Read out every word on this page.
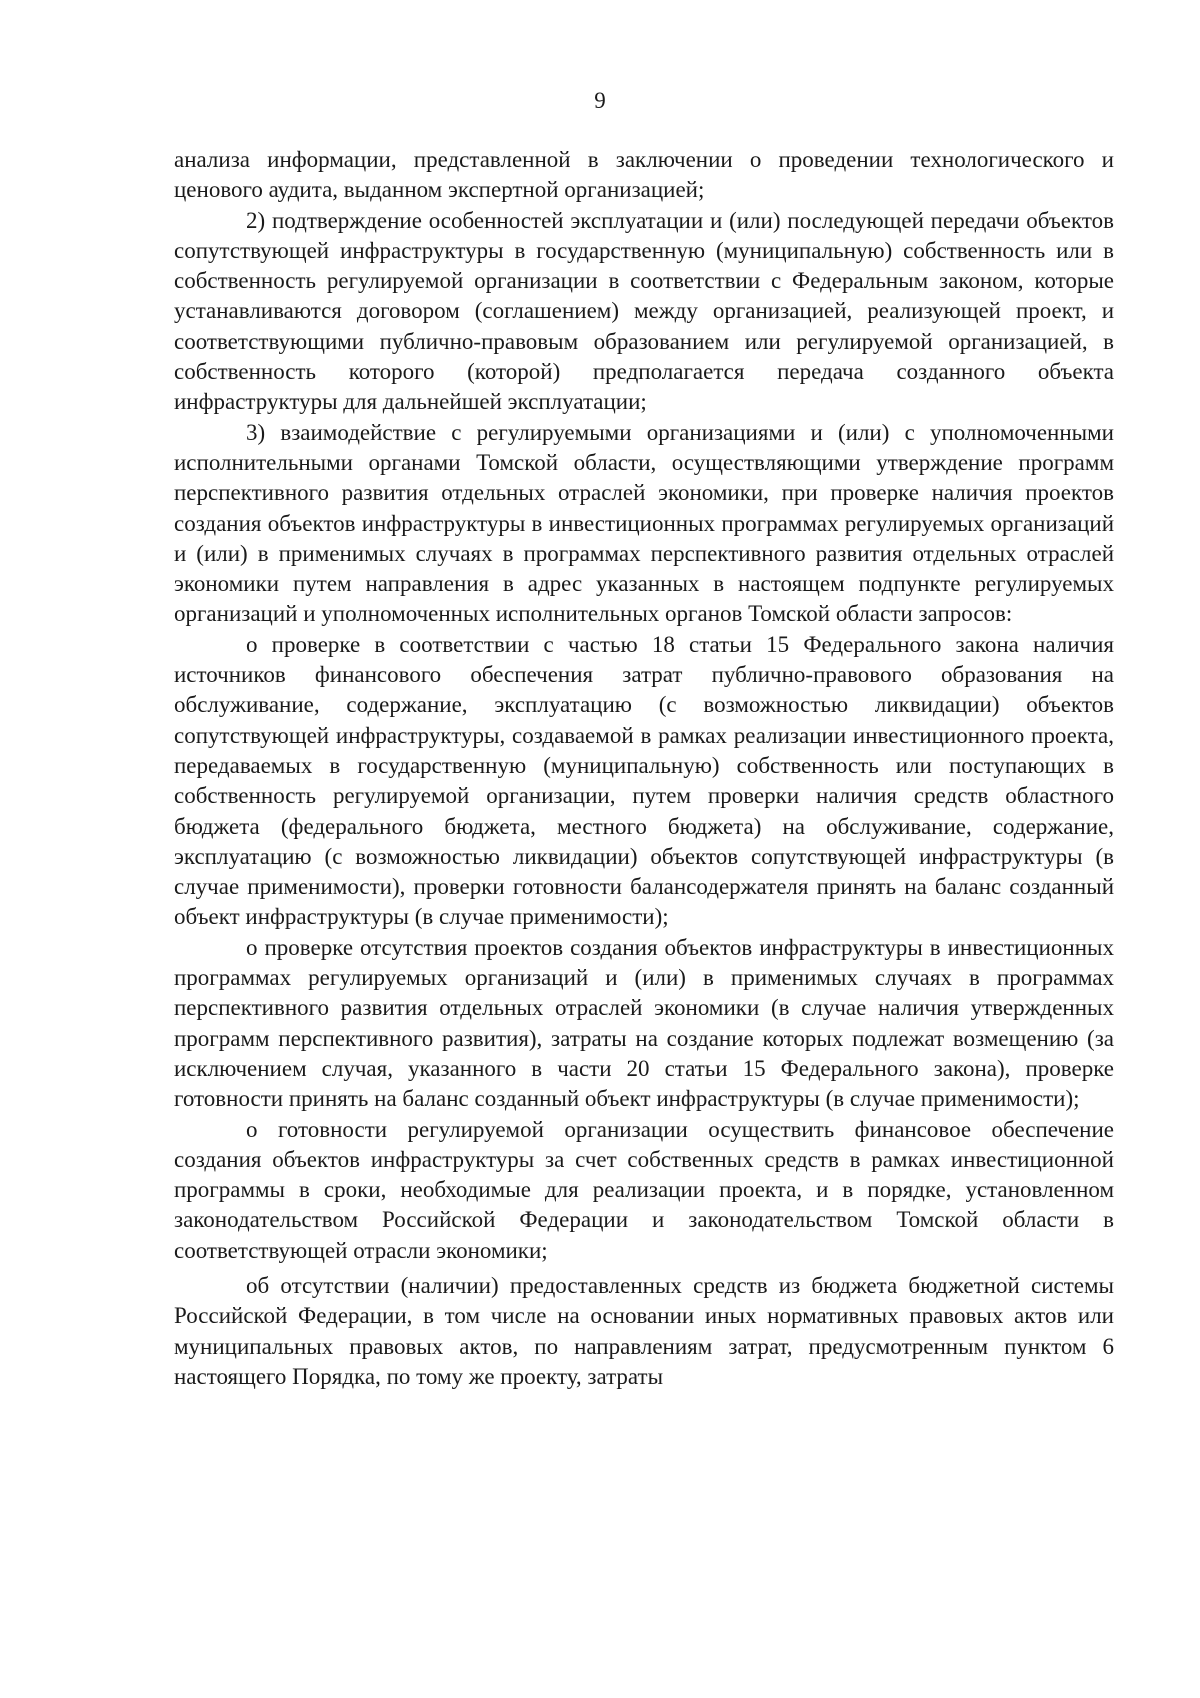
9

анализа информации, представленной в заключении о проведении технологического и ценового аудита, выданном экспертной организацией;

2) подтверждение особенностей эксплуатации и (или) последующей передачи объектов сопутствующей инфраструктуры в государственную (муниципальную) собственность или в собственность регулируемой организации в соответствии с Федеральным законом, которые устанавливаются договором (соглашением) между организацией, реализующей проект, и соответствующими публично-правовым образованием или регулируемой организацией, в собственность которого (которой) предполагается передача созданного объекта инфраструктуры для дальнейшей эксплуатации;

3) взаимодействие с регулируемыми организациями и (или) с уполномоченными исполнительными органами Томской области, осуществляющими утверждение программ перспективного развития отдельных отраслей экономики, при проверке наличия проектов создания объектов инфраструктуры в инвестиционных программах регулируемых организаций и (или) в применимых случаях в программах перспективного развития отдельных отраслей экономики путем направления в адрес указанных в настоящем подпункте регулируемых организаций и уполномоченных исполнительных органов Томской области запросов:

о проверке в соответствии с частью 18 статьи 15 Федерального закона наличия источников финансового обеспечения затрат публично-правового образования на обслуживание, содержание, эксплуатацию (с возможностью ликвидации) объектов сопутствующей инфраструктуры, создаваемой в рамках реализации инвестиционного проекта, передаваемых в государственную (муниципальную) собственность или поступающих в собственность регулируемой организации, путем проверки наличия средств областного бюджета (федерального бюджета, местного бюджета) на обслуживание, содержание, эксплуатацию (с возможностью ликвидации) объектов сопутствующей инфраструктуры (в случае применимости), проверки готовности балансодержателя принять на баланс созданный объект инфраструктуры (в случае применимости);

о проверке отсутствия проектов создания объектов инфраструктуры в инвестиционных программах регулируемых организаций и (или) в применимых случаях в программах перспективного развития отдельных отраслей экономики (в случае наличия утвержденных программ перспективного развития), затраты на создание которых подлежат возмещению (за исключением случая, указанного в части 20 статьи 15 Федерального закона), проверке готовности принять на баланс созданный объект инфраструктуры (в случае применимости);

о готовности регулируемой организации осуществить финансовое обеспечение создания объектов инфраструктуры за счет собственных средств в рамках инвестиционной программы в сроки, необходимые для реализации проекта, и в порядке, установленном законодательством Российской Федерации и законодательством Томской области в соответствующей отрасли экономики;

об отсутствии (наличии) предоставленных средств из бюджета бюджетной системы Российской Федерации, в том числе на основании иных нормативных правовых актов или муниципальных правовых актов, по направлениям затрат, предусмотренным пунктом 6 настоящего Порядка, по тому же проекту, затраты
